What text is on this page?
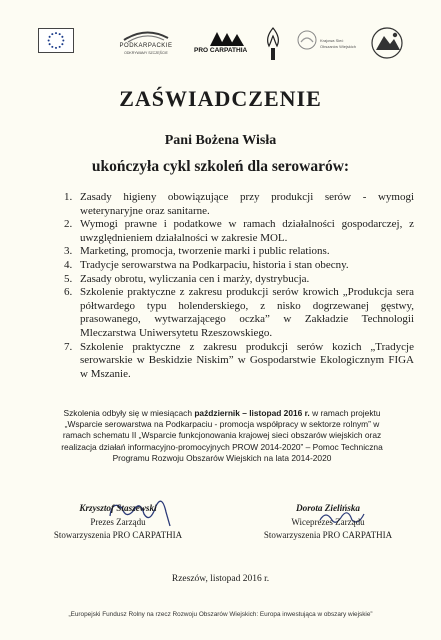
PODKARPACKIE
ODKRYWAMY SZCZĘŚCIE	PRO CARPATHIA
Krajowa Sieć
Obszarów Wiejskich
ZAŚWIADCZENIE
Pani Bożena Wisła
ukończyła cykl szkoleń dla serowarów:
1. Zasady higieny obowiązujące przy produkcji serów - wymogi weterynaryjne oraz sanitarne.
2. Wymogi prawne i podatkowe w ramach działalności gospodarczej, z uwzględnieniem działalności w zakresie MOL.
3. Marketing, promocja, tworzenie marki i public relations.
4. Tradycje serowarstwa na Podkarpaciu, historia i stan obecny.
5. Zasady obrotu, wyliczania cen i marży, dystrybucja.
6. Szkolenie praktyczne z zakresu produkcji serów krowich „Produkcja sera półtwardego typu holenderskiego, z nisko dogrzewanej gęstwy, prasowanego, wytwarzającego oczka” w Zakładzie Technologii Mleczarstwa Uniwersytetu Rzeszowskiego.
7. Szkolenie praktyczne z zakresu produkcji serów kozich „Tradycje serowarskie w Beskidzie Niskim” w Gospodarstwie Ekologicznym FIGA w Mszanie.

Szkolenia odbyły się w miesiącach październik – listopad 2016 r. w ramach projektu „Wsparcie serowarstwa na Podkarpaciu - promocja współpracy w sektorze rolnym” w ramach schematu II „Wsparcie funkcjonowania krajowej sieci obszarów wiejskich oraz realizacja działań informacyjno-promocyjnych PROW 2014-2020” – Pomoc Techniczna Programu Rozwoju Obszarów Wiejskich na lata 2014-2020

Krzysztof Staszewski
Prezes Zarządu
Stowarzyszenia PRO CARPATHIA
Dorota Zielińska
Wiceprezes Zarządu
Stowarzyszenia PRO CARPATHIA
Rzeszów, listopad 2016 r.
„Europejski Fundusz Rolny na rzecz Rozwoju Obszarów Wiejskich: Europa inwestująca w obszary wiejskie”
